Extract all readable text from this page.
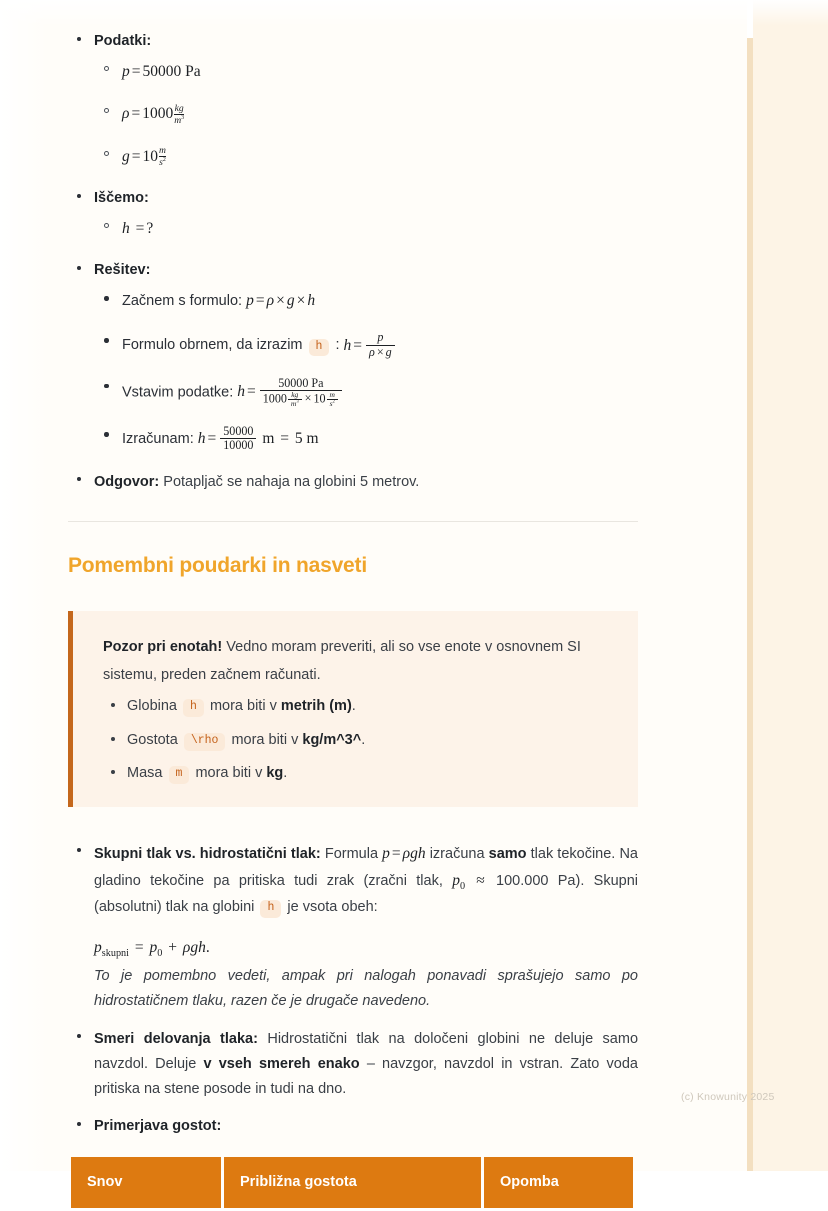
Podatki:
p = 50000 Pa
$\rho = 1000 \frac{kg}{m^3}$
$g = 10 \frac{m}{s^2}$
Iščemo:
h = ?
Rešitev:
Začnem s formulo: p = ρ × g × h
Formulo obrnem, da izrazim h : $h = \frac{p}{\rho \times g}$
Vstavim podatke: $h = \frac{50000 Pa}{1000 \frac{kg}{m^3} \times 10 \frac{m}{s^2}}$
Izračunam: $h = \frac{50000}{10000}$ m = 5 m
Odgovor: Potapljač se nahaja na globini 5 metrov.
Pomembni poudarki in nasveti

Pozor pri enotah! Vedno moram preveriti, ali so vse enote v osnovnem SI sistemu, preden začnem računati.

Globina h mora biti v metrih (m).
Gostota \rho mora biti v kg/m^3^.
Masa m mora biti v kg.
Skupni tlak vs. hidrostatični tlak: Formula p = ρgh izračuna samo tlak tekočine. Na gladino tekočine pa pritiska tudi zrak (zračni tlak, $p_0 \approx 100.000$ Pa). Skupni (absolutni) tlak na globini h je vsota obeh:
$p_{skupni} = p_0 + \rho gh$.

To je pomembno vedeti, ampak pri nalogah ponavadi sprašujejo samo po hidrostatičnem tlaku, razen če je drugače navedeno.

Smeri delovanja tlaka: Hidrostatični tlak na določeni globini ne deluje samo navzdol. Deluje v vseh smereh enako – navzgor, navzdol in vstran. Zato voda pritiska na stene posode in tudi na dno.
Primerjava gostot:
Snov	Približna gostota	Opomba
(c) Knowunity 2025
